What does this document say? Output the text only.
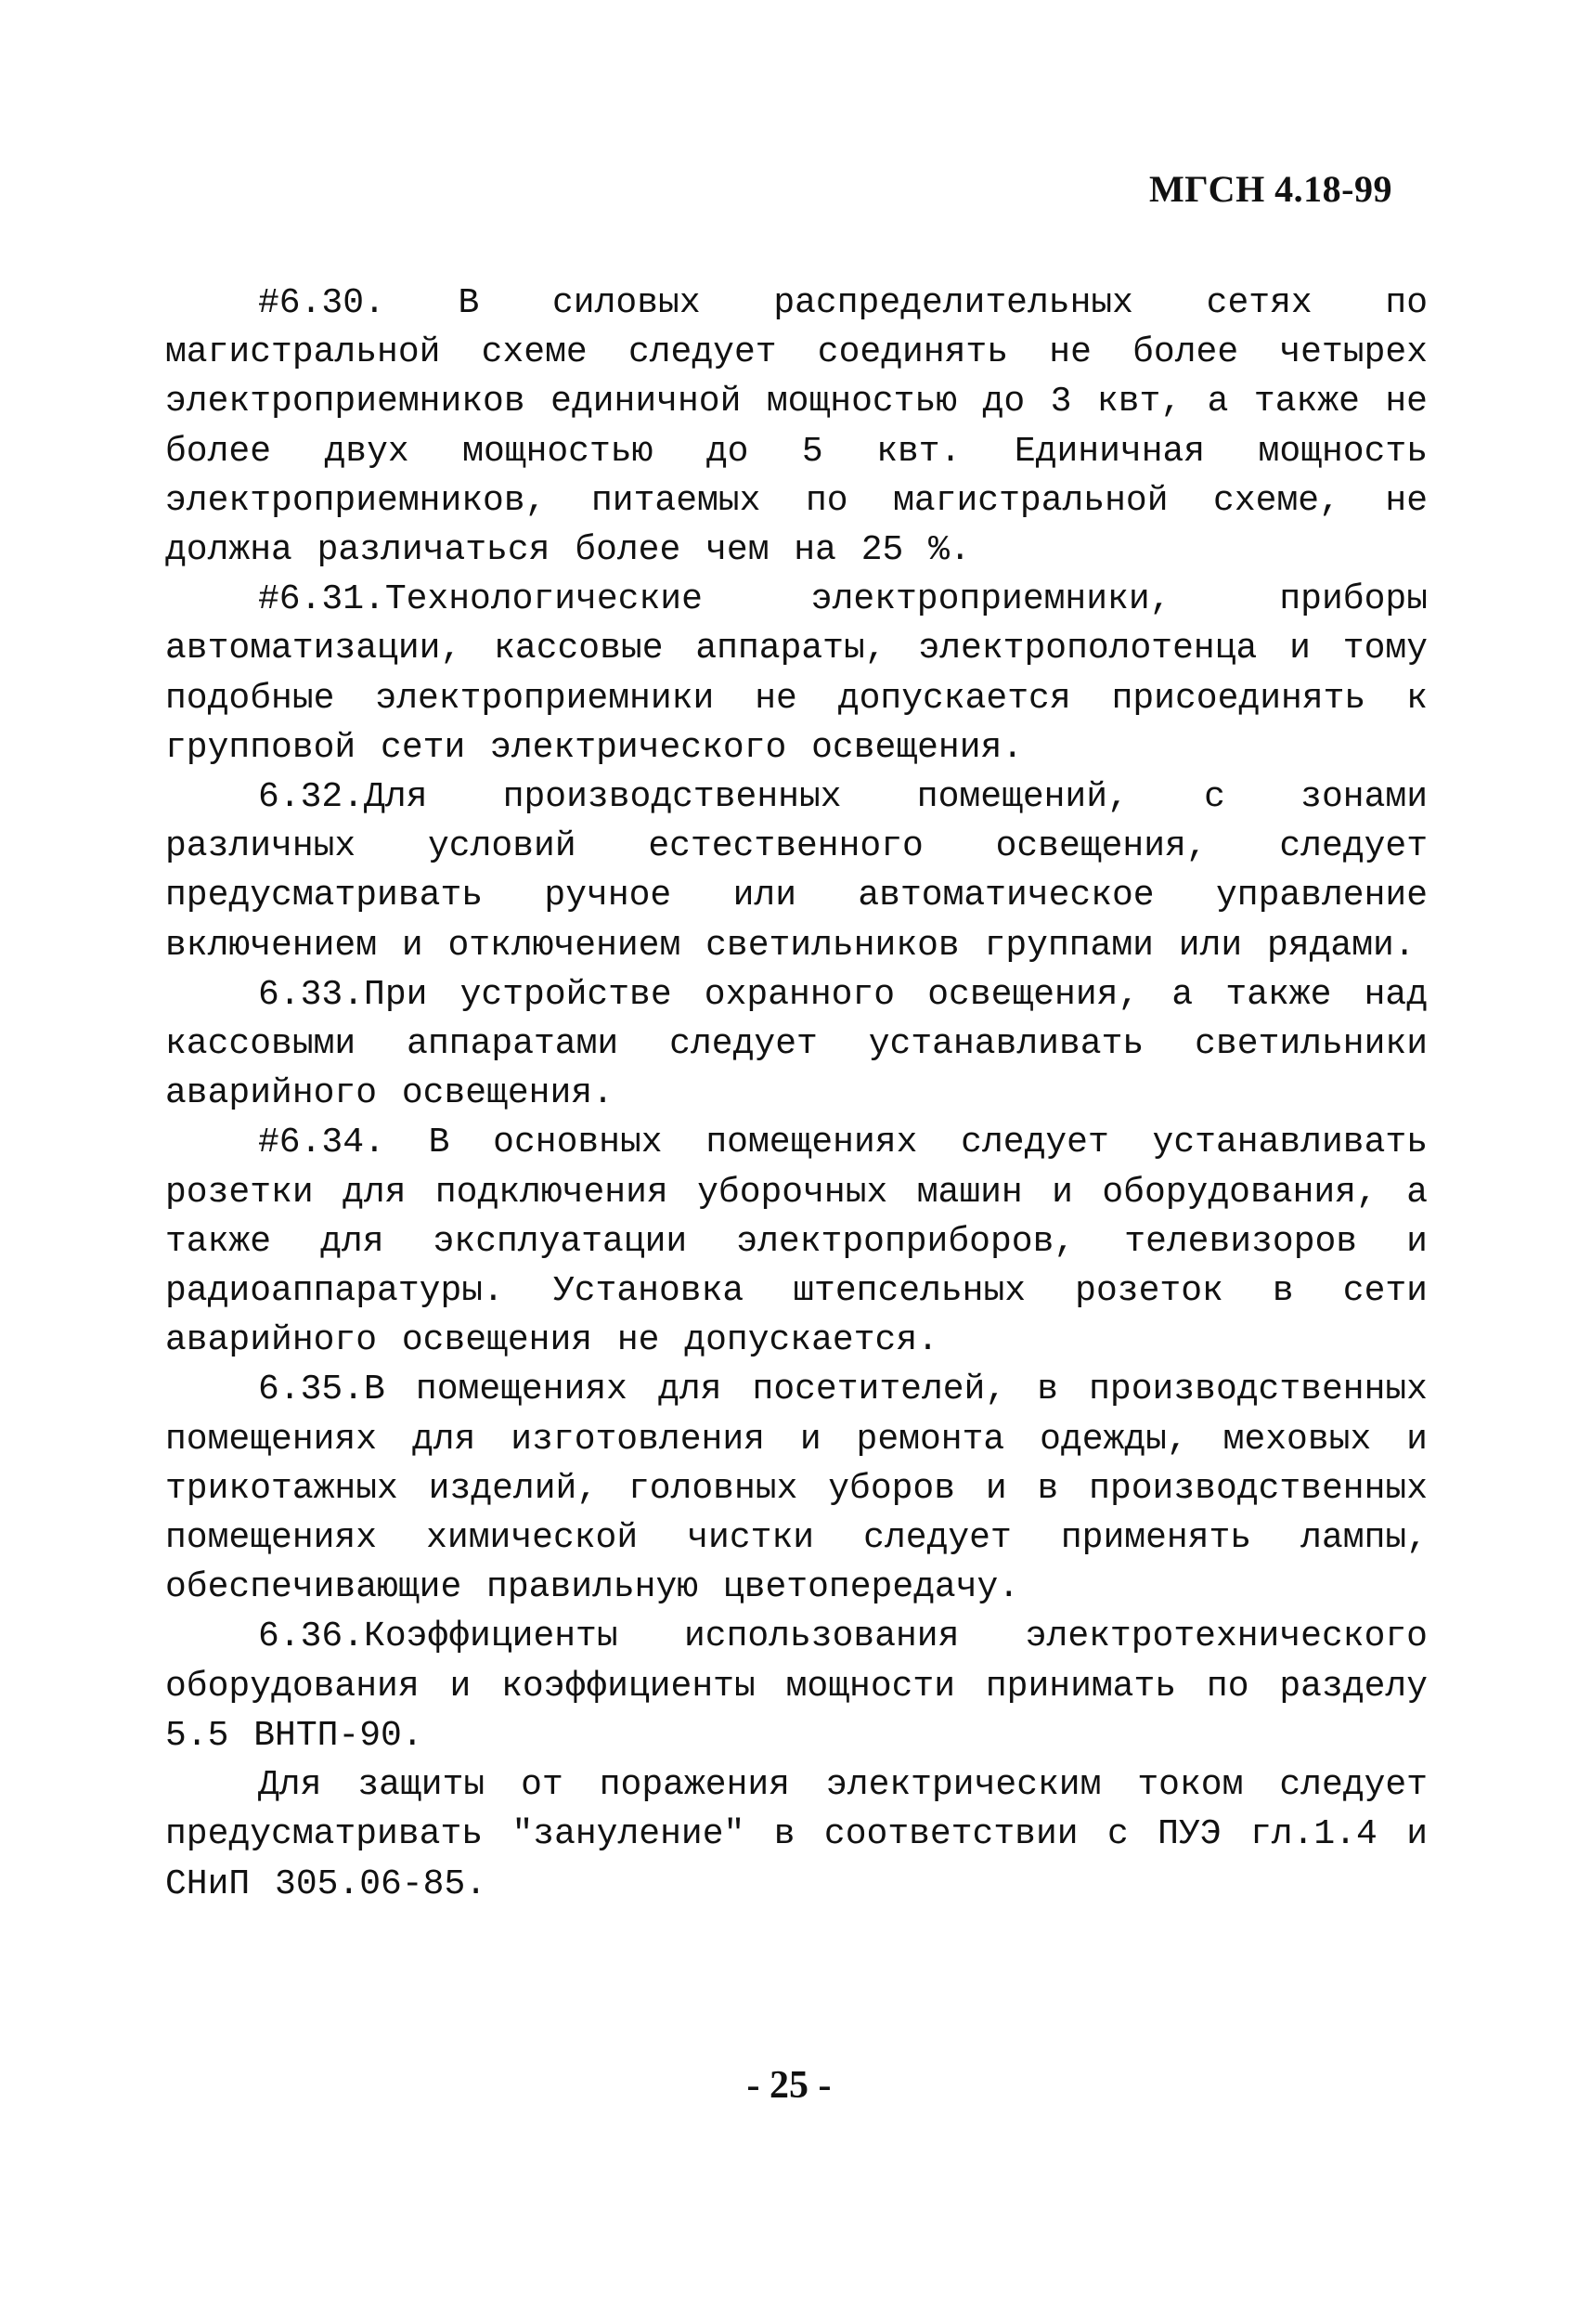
МГСН 4.18-99

#6.30. В силовых распределительных сетях по магистральной схеме следует соединять не более четырех электроприемников единичной мощностью до 3 квт, а также не более двух мощностью до 5 квт. Единичная мощность электроприемников, питаемых по магистральной схеме, не должна различаться более чем на 25 %.

#6.31.Технологические электроприемники, приборы автоматизации, кассовые аппараты, электрополотенца и тому подобные электроприемники не допускается присоединять к групповой сети электрического освещения.

6.32.Для производственных помещений, с зонами различных условий естественного освещения, следует предусматривать ручное или автоматическое управление включением и отключением светильников группами или рядами.

6.33.При устройстве охранного освещения, а также над кассовыми аппаратами следует устанавливать светильники аварийного освещения.

#6.34. В основных помещениях следует устанавливать розетки для подключения уборочных машин и оборудования, а также для эксплуатации электроприборов, телевизоров и радиоаппаратуры. Установка штепсельных розеток в сети аварийного освещения не допускается.

6.35.В помещениях для посетителей, в производственных помещениях для изготовления и ремонта одежды, меховых и трикотажных изделий, головных уборов и в производственных помещениях химической чистки следует применять лампы, обеспечивающие правильную цветопередачу.

6.36.Коэффициенты использования электротехнического оборудования и коэффициенты мощности принимать по разделу 5.5 ВНТП-90.

Для защиты от поражения электрическим током следует предусматривать "зануление" в соответствии с ПУЭ гл.1.4 и СНиП 305.06-85.

- 25 -
